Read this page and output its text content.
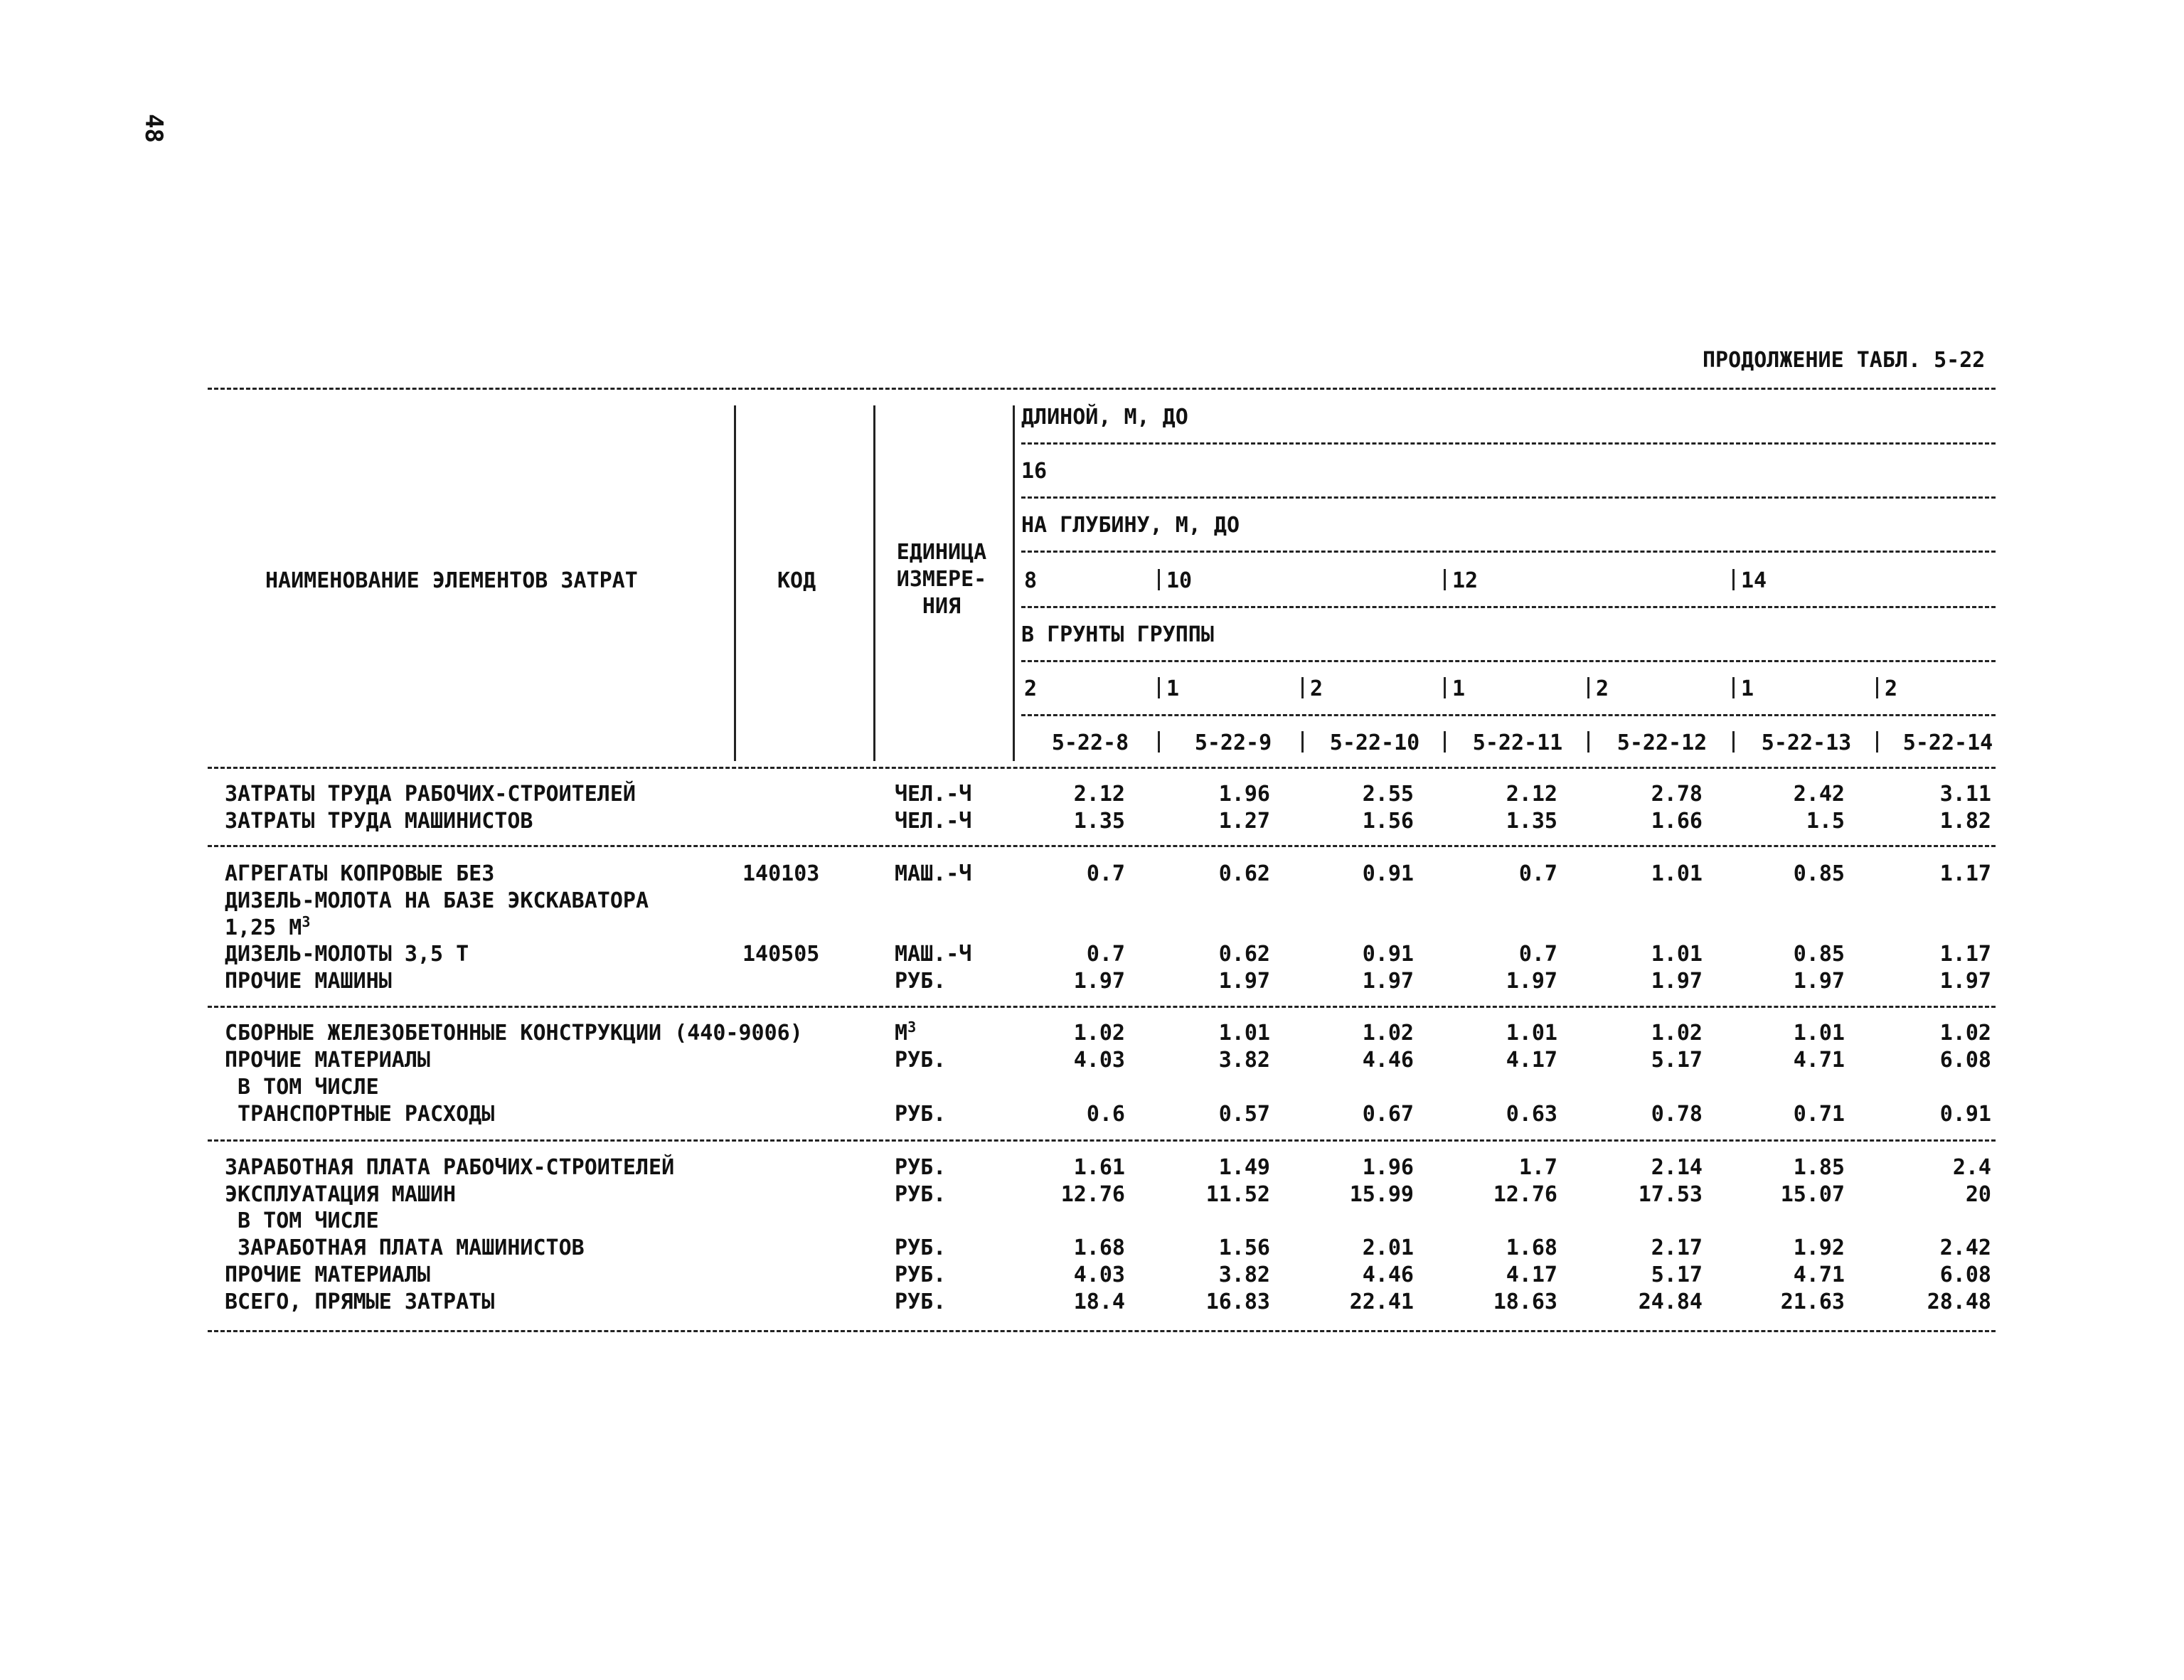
48
ПРОДОЛЖЕНИЕ ТАБЛ. 5-22
НАИМЕНОВАНИЕ ЭЛЕМЕНТОВ ЗАТРАТ	КОД
ЕДИНИЦА
ИЗМЕРЕ-
НИЯ
ДЛИНОЙ, М, ДО
16
НА ГЛУБИНУ, М, ДО
8	10	12	14
В ГРУНТЫ ГРУППЫ
2	1	2	1	2	1	2
5-22-8	5-22-9	5-22-10	5-22-11	5-22-12	5-22-13	5-22-14
ЗАТРАТЫ ТРУДА РАБОЧИХ-СТРОИТЕЛЕЙ	ЧЕЛ.-Ч	2.12	1.96	2.55	2.12	2.78	2.42	3.11
ЗАТРАТЫ ТРУДА МАШИНИСТОВ	ЧЕЛ.-Ч	1.35	1.27	1.56	1.35	1.66	1.5	1.82
АГРЕГАТЫ КОПРОВЫЕ БЕЗ	140103	МАШ.-Ч	0.7	0.62	0.91	0.7	1.01	0.85	1.17
ДИЗЕЛЬ-МОЛОТА НА БАЗЕ ЭКСКАВАТОРА
1,25 $М^3$
ДИЗЕЛЬ-МОЛОТЫ 3,5 Т	140505	МАШ.-Ч	0.7	0.62	0.91	0.7	1.01	0.85	1.17
ПРОЧИЕ МАШИНЫ	РУБ.	1.97	1.97	1.97	1.97	1.97	1.97	1.97
СБОРНЫЕ ЖЕЛЕЗОБЕТОННЫЕ КОНСТРУКЦИИ (440-9006)	$М^3$	1.02	1.01	1.02	1.01	1.02	1.01	1.02
ПРОЧИЕ МАТЕРИАЛЫ	РУБ.	4.03	3.82	4.46	4.17	5.17	4.71	6.08
В ТОМ ЧИСЛЕ
ТРАНСПОРТНЫЕ РАСХОДЫ	РУБ.	0.6	0.57	0.67	0.63	0.78	0.71	0.91
ЗАРАБОТНАЯ ПЛАТА РАБОЧИХ-СТРОИТЕЛЕЙ	РУБ.	1.61	1.49	1.96	1.7	2.14	1.85	2.4
ЭКСПЛУАТАЦИЯ МАШИН	РУБ.	12.76	11.52	15.99	12.76	17.53	15.07	20
В ТОМ ЧИСЛЕ
ЗАРАБОТНАЯ ПЛАТА МАШИНИСТОВ	РУБ.	1.68	1.56	2.01	1.68	2.17	1.92	2.42
ПРОЧИЕ МАТЕРИАЛЫ	РУБ.	4.03	3.82	4.46	4.17	5.17	4.71	6.08
ВСЕГО, ПРЯМЫЕ ЗАТРАТЫ	РУБ.	18.4	16.83	22.41	18.63	24.84	21.63	28.48
